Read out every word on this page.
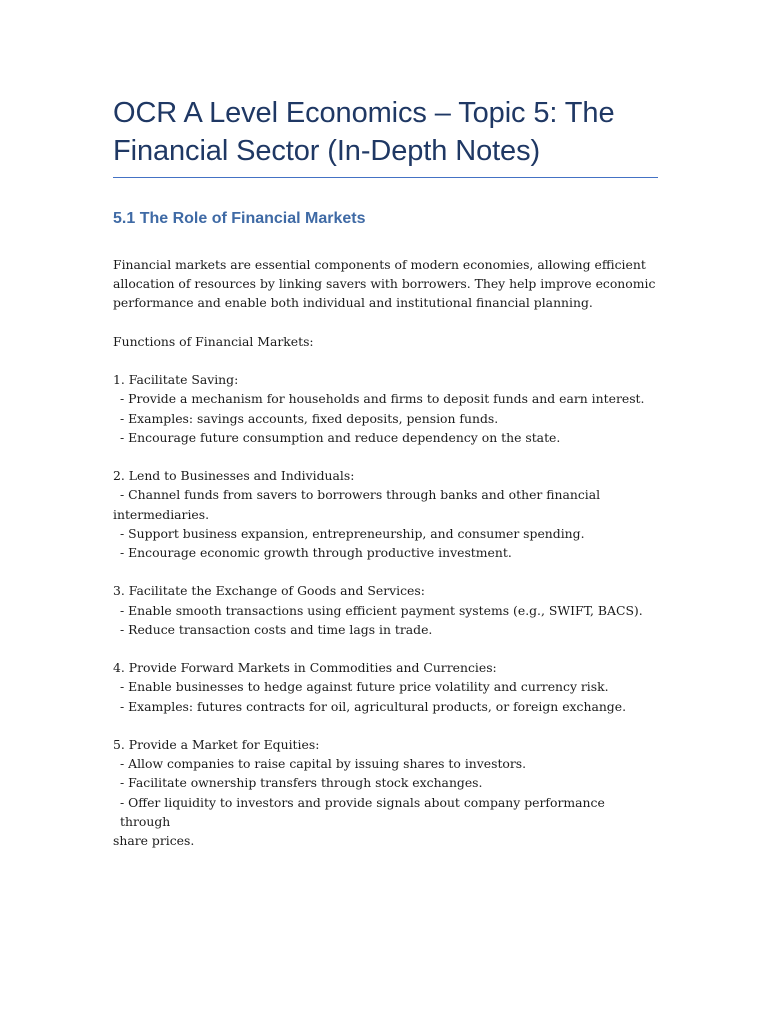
OCR A Level Economics – Topic 5: The
Financial Sector (In-Depth Notes)
5.1 The Role of Financial Markets

Financial markets are essential components of modern economies, allowing efficient
allocation of resources by linking savers with borrowers. They help improve economic
performance and enable both individual and institutional financial planning.

Functions of Financial Markets:

1. Facilitate Saving:
- Provide a mechanism for households and firms to deposit funds and earn interest.
- Examples: savings accounts, fixed deposits, pension funds.
- Encourage future consumption and reduce dependency on the state.
2. Lend to Businesses and Individuals:
- Channel funds from savers to borrowers through banks and other financial
intermediaries.
- Support business expansion, entrepreneurship, and consumer spending.
- Encourage economic growth through productive investment.
3. Facilitate the Exchange of Goods and Services:
- Enable smooth transactions using efficient payment systems (e.g., SWIFT, BACS).
- Reduce transaction costs and time lags in trade.
4. Provide Forward Markets in Commodities and Currencies:
- Enable businesses to hedge against future price volatility and currency risk.
- Examples: futures contracts for oil, agricultural products, or foreign exchange.
5. Provide a Market for Equities:
- Allow companies to raise capital by issuing shares to investors.
- Facilitate ownership transfers through stock exchanges.
- Offer liquidity to investors and provide signals about company performance through
share prices.
